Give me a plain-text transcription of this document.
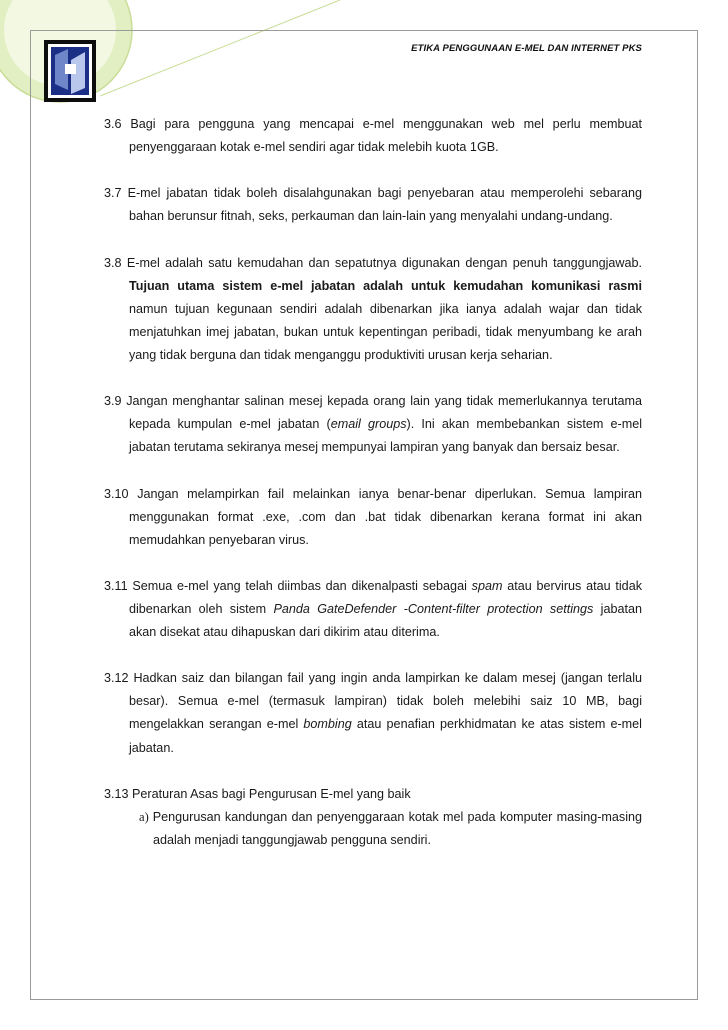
ETIKA PENGGUNAAN E-MEL DAN INTERNET PKS

3.6 Bagi para pengguna yang mencapai e-mel menggunakan web mel perlu membuat penyenggaraan kotak e-mel sendiri agar tidak melebih kuota 1GB.

3.7 E-mel jabatan tidak boleh disalahgunakan bagi penyebaran atau memperolehi sebarang bahan berunsur fitnah, seks, perkauman dan lain-lain yang menyalahi undang-undang.

3.8 E-mel adalah satu kemudahan dan sepatutnya digunakan dengan penuh tanggungjawab. Tujuan utama sistem e-mel jabatan adalah untuk kemudahan komunikasi rasmi namun tujuan kegunaan sendiri adalah dibenarkan jika ianya adalah wajar dan tidak menjatuhkan imej jabatan, bukan untuk kepentingan peribadi, tidak menyumbang ke arah yang tidak berguna dan tidak menganggu produktiviti urusan kerja seharian.

3.9 Jangan menghantar salinan mesej kepada orang lain yang tidak memerlukannya terutama kepada kumpulan e-mel jabatan (email groups). Ini akan membebankan sistem e-mel jabatan terutama sekiranya mesej mempunyai lampiran yang banyak dan bersaiz besar.

3.10 Jangan melampirkan fail melainkan ianya benar-benar diperlukan. Semua lampiran menggunakan format .exe, .com dan .bat tidak dibenarkan kerana format ini akan memudahkan penyebaran virus.

3.11 Semua e-mel yang telah diimbas dan dikenalpasti sebagai spam atau bervirus atau tidak dibenarkan oleh sistem Panda GateDefender -Content-filter protection settings jabatan akan disekat atau dihapuskan dari dikirim atau diterima.

3.12 Hadkan saiz dan bilangan fail yang ingin anda lampirkan ke dalam mesej (jangan terlalu besar). Semua e-mel (termasuk lampiran) tidak boleh melebihi saiz 10 MB, bagi mengelakkan serangan e-mel bombing atau penafian perkhidmatan ke atas sistem e-mel jabatan.

3.13 Peraturan Asas bagi Pengurusan E-mel yang baik

a) Pengurusan kandungan dan penyenggaraan kotak mel pada komputer masing-masing adalah menjadi tanggungjawab pengguna sendiri.
